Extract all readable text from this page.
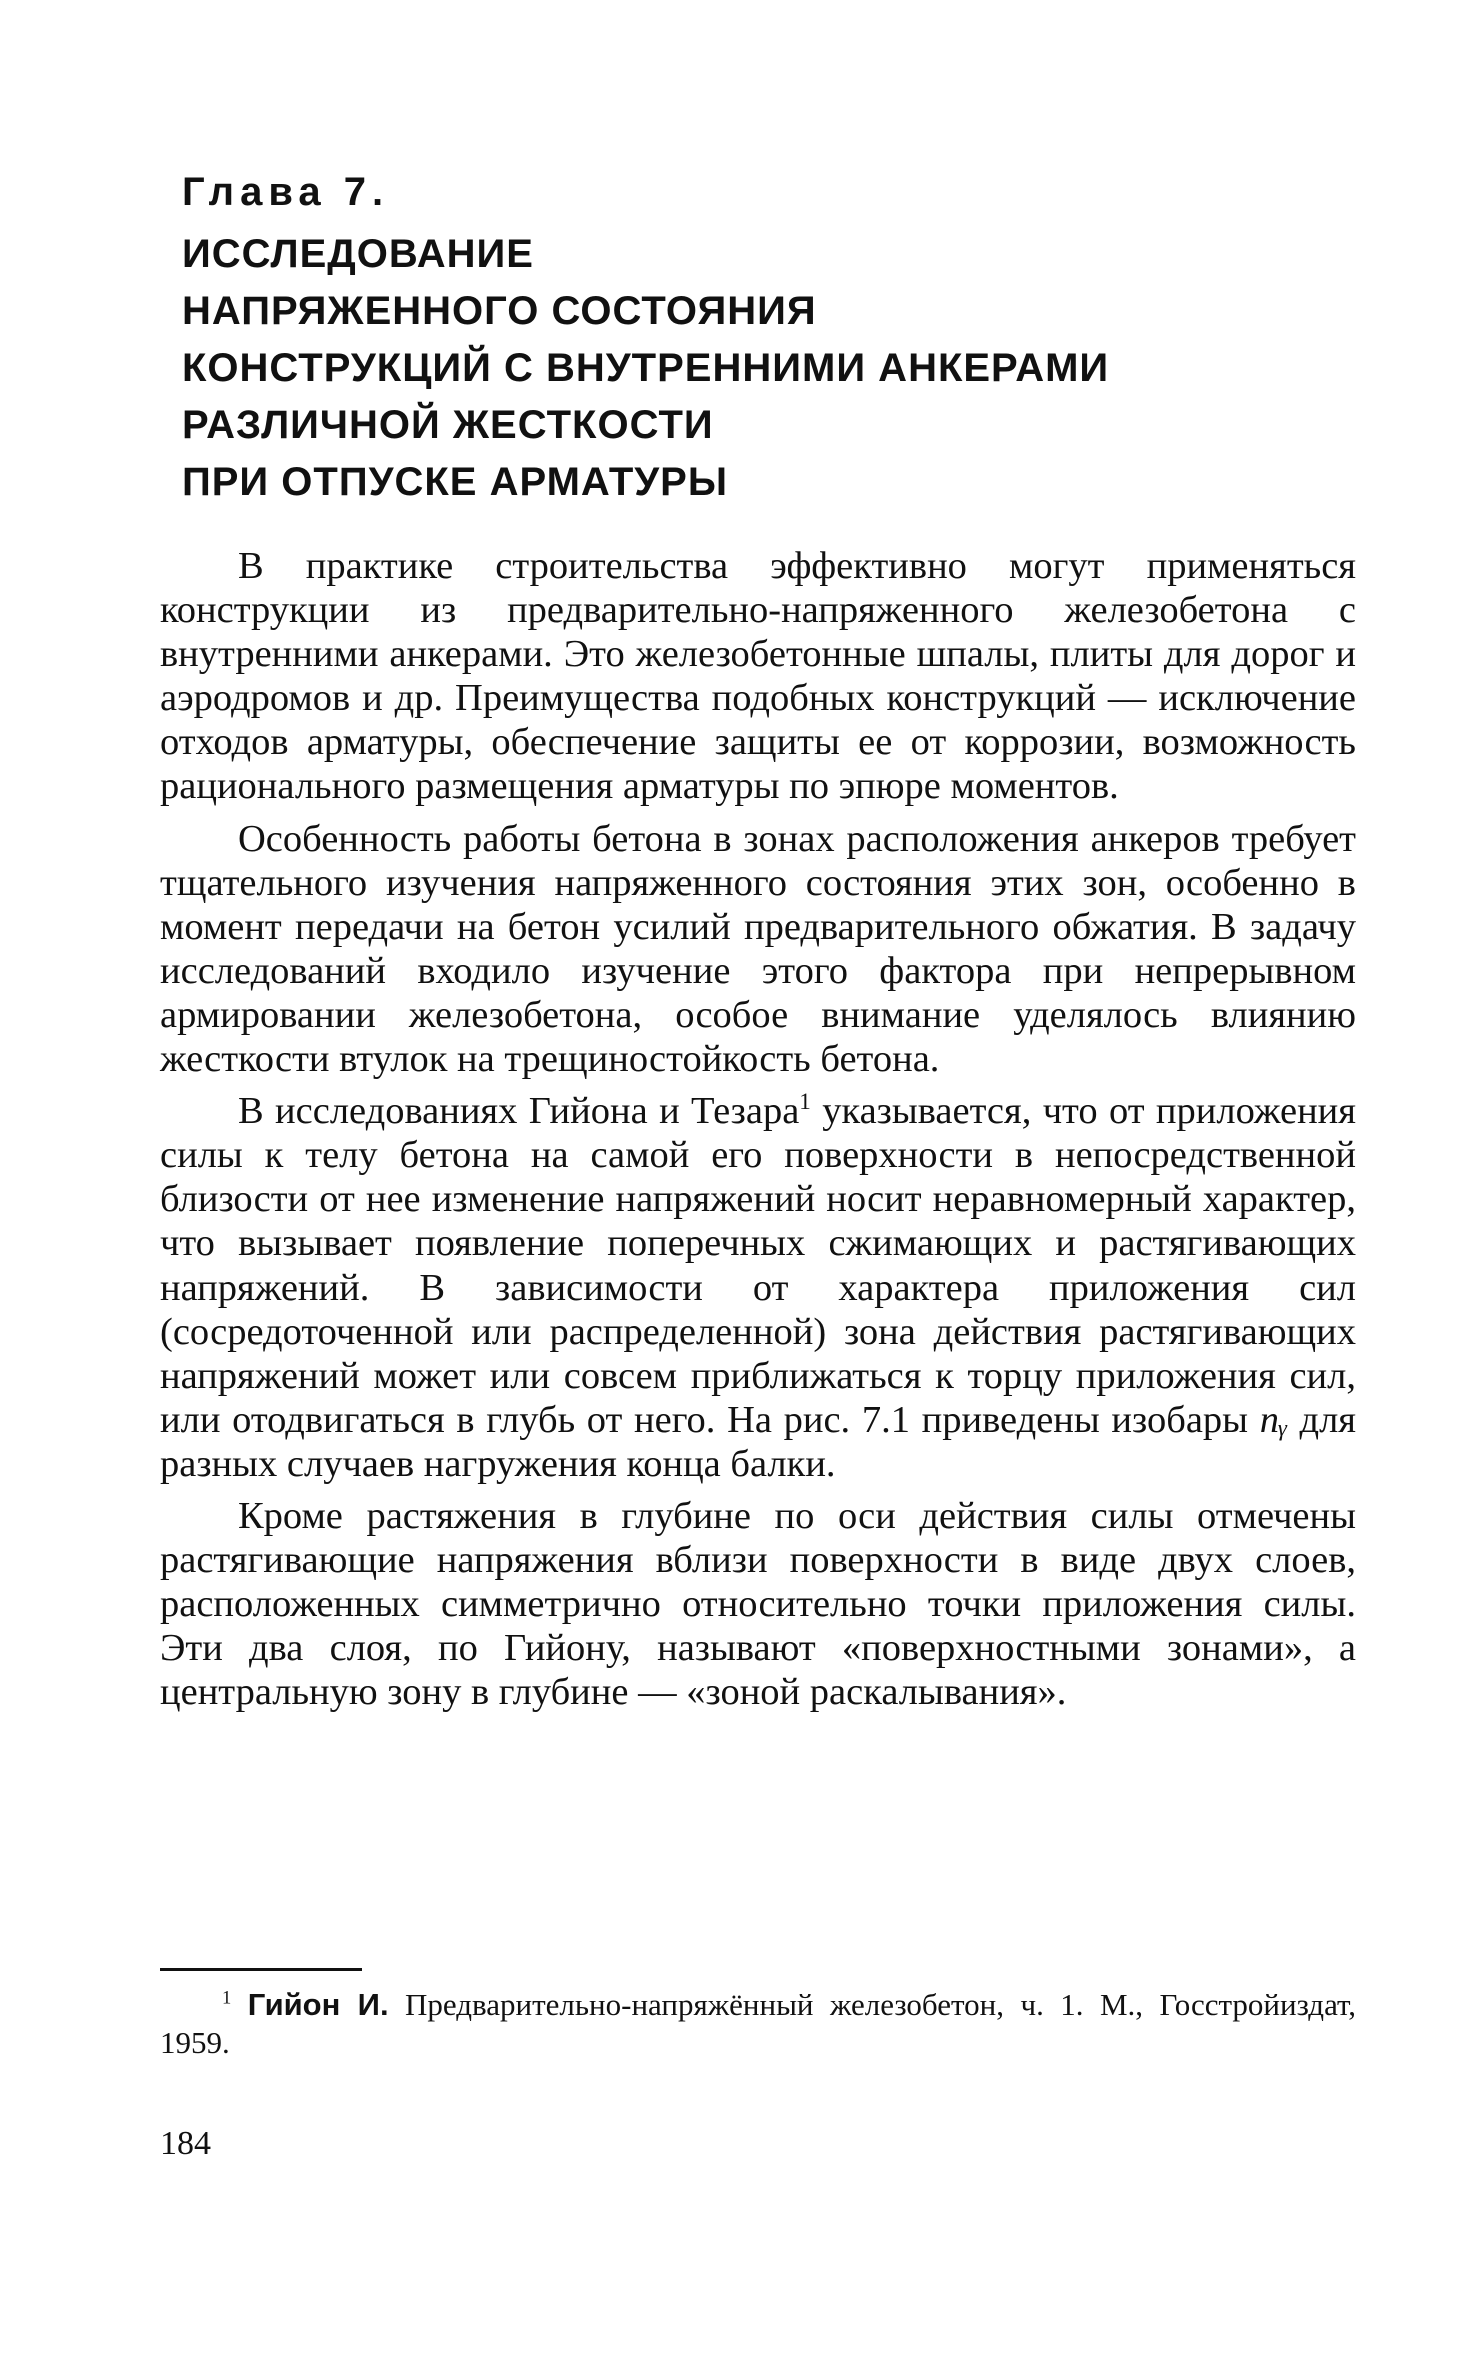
Глава 7.
ИССЛЕДОВАНИЕ
НАПРЯЖЕННОГО СОСТОЯНИЯ
КОНСТРУКЦИЙ С ВНУТРЕННИМИ АНКЕРАМИ
РАЗЛИЧНОЙ ЖЕСТКОСТИ
ПРИ ОТПУСКЕ АРМАТУРЫ

В практике строительства эффективно могут применяться конструкции из предварительно-напряженного железобетона с внутренними анкерами. Это железобетонные шпалы, плиты для дорог и аэродромов и др. Преимущества подобных конструкций — исключение отходов арматуры, обеспечение защиты ее от коррозии, возможность рационального размещения арматуры по эпюре моментов.

Особенность работы бетона в зонах расположения анкеров требует тщательного изучения напряженного состояния этих зон, особенно в момент передачи на бетон усилий предварительного обжатия. В задачу исследований входило изучение этого фактора при непрерывном армировании железобетона, особое внимание уделялось влиянию жесткости втулок на трещиностойкость бетона.

В исследованиях Гийона и Тезара$^1$ указывается, что от приложения силы к телу бетона на самой его поверхности в непосредственной близости от нее изменение напряжений носит неравномерный характер, что вызывает появление поперечных сжимающих и растягивающих напряжений. В зависимости от характера приложения сил (сосредоточенной или распределенной) зона действия растягивающих напряжений может или совсем приближаться к торцу приложения сил, или отодвигаться в глубь от него. На рис. 7.1 приведены изобары nᵧ для разных случаев нагружения конца балки.

Кроме растяжения в глубине по оси действия силы отмечены растягивающие напряжения вблизи поверхности в виде двух слоев, расположенных симметрично относительно точки приложения силы. Эти два слоя, по Гийону, называют «поверхностными зонами», а центральную зону в глубине — «зоной раскалывания».

$^1$ Гийон И. Предварительно-напряжённый железобетон, ч. 1. М., Госстройиздат, 1959.

184
